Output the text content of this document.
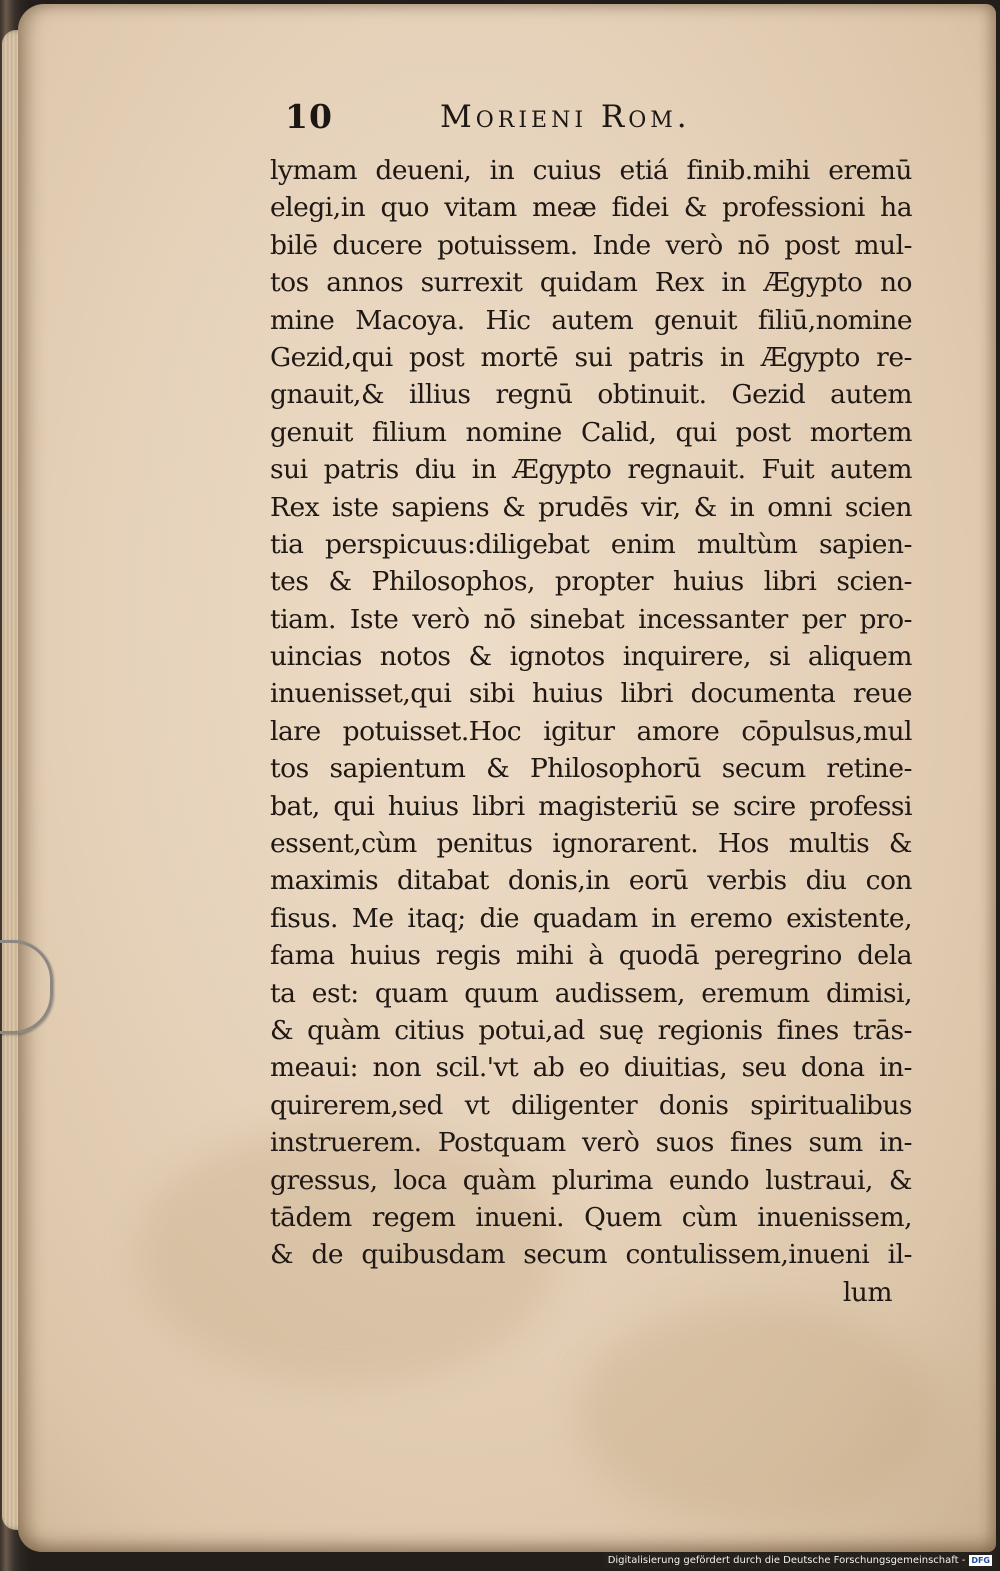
10	Morieni Rom.
lymam deueni, in cuius etiá finib.mihi eremū
elegi,in quo vitam meæ fidei & professioni ha
bilē ducere potuissem. Inde verò nō post mul-
tos annos surrexit quidam Rex in Ægypto no
mine Macoya. Hic autem genuit filiū,nomine
Gezid,qui post mortē sui patris in Ægypto re-
gnauit,& illius regnū obtinuit. Gezid autem
genuit filium nomine Calid, qui post mortem
sui patris diu in Ægypto regnauit. Fuit autem
Rex iste sapiens & prudēs vir, & in omni scien
tia perspicuus:diligebat enim multùm sapien-
tes & Philosophos, propter huius libri scien-
tiam. Iste verò nō sinebat incessanter per pro-
uincias notos & ignotos inquirere, si aliquem
inuenisset,qui sibi huius libri documenta reue
lare potuisset.Hoc igitur amore cōpulsus,mul
tos sapientum & Philosophorū secum retine-
bat, qui huius libri magisteriū se scire professi
essent,cùm penitus ignorarent. Hos multis &
maximis ditabat donis,in eorū verbis diu con
fisus. Me itaq; die quadam in eremo existente,
fama huius regis mihi à quodā peregrino dela
ta est: quam quum audissem, eremum dimisi,
& quàm citius potui,ad suę regionis fines trās-
meaui: non scil.'vt ab eo diuitias, seu dona in-
quirerem,sed vt diligenter donis spiritualibus
instruerem. Postquam verò suos fines sum in-
gressus, loca quàm plurima eundo lustraui, &
tādem regem inueni. Quem cùm inuenissem,
& de quibusdam secum contulissem,inueni il-
lum
Digitalisierung gefördert durch die Deutsche Forschungsgemeinschaft - DFG
